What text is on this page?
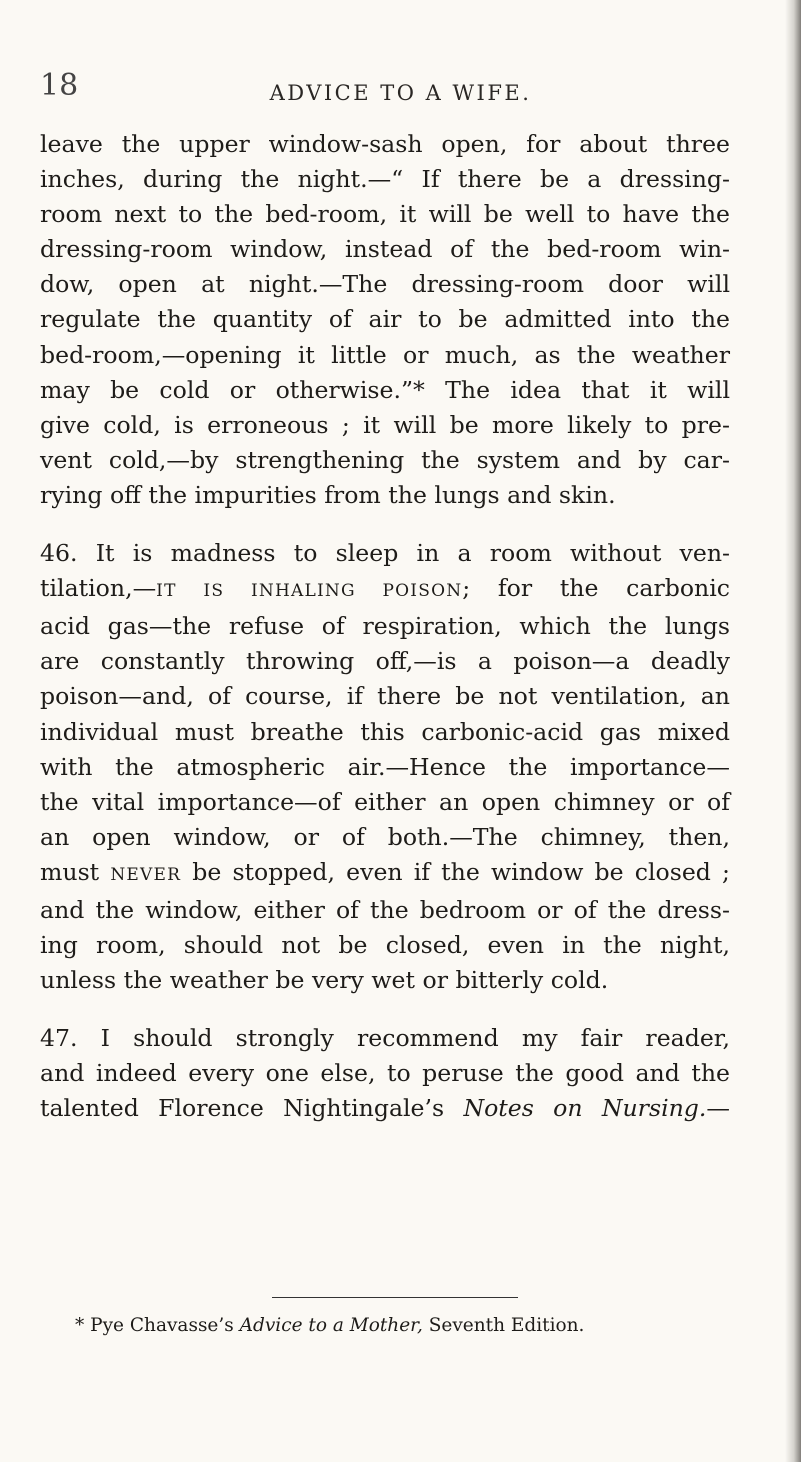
18	ADVICE TO A WIFE.
leave the upper window-sash open, for about three
inches, during the night.—“ If there be a dressing-
room next to the bed-room, it will be well to have the
dressing-room window, instead of the bed-room win-
dow, open at night.—The dressing-room door will
regulate the quantity of air to be admitted into the
bed-room,—opening it little or much, as the weather
may be cold or otherwise.”* The idea that it will
give cold, is erroneous ; it will be more likely to pre-
vent cold,—by strengthening the system and by car-
rying off the impurities from the lungs and skin.
46. It is madness to sleep in a room without ven-
tilation,—IT IS INHALING POISON; for the carbonic
acid gas—the refuse of respiration, which the lungs
are constantly throwing off,—is a poison—a deadly
poison—and, of course, if there be not ventilation, an
individual must breathe this carbonic-acid gas mixed
with the atmospheric air.—Hence the importance—
the vital importance—of either an open chimney or of
an open window, or of both.—The chimney, then,
must NEVER be stopped, even if the window be closed ;
and the window, either of the bedroom or of the dress-
ing room, should not be closed, even in the night,
unless the weather be very wet or bitterly cold.
47. I should strongly recommend my fair reader,
and indeed every one else, to peruse the good and the
talented Florence Nightingale’s Notes on Nursing.—
* Pye Chavasse’s Advice to a Mother, Seventh Edition.
